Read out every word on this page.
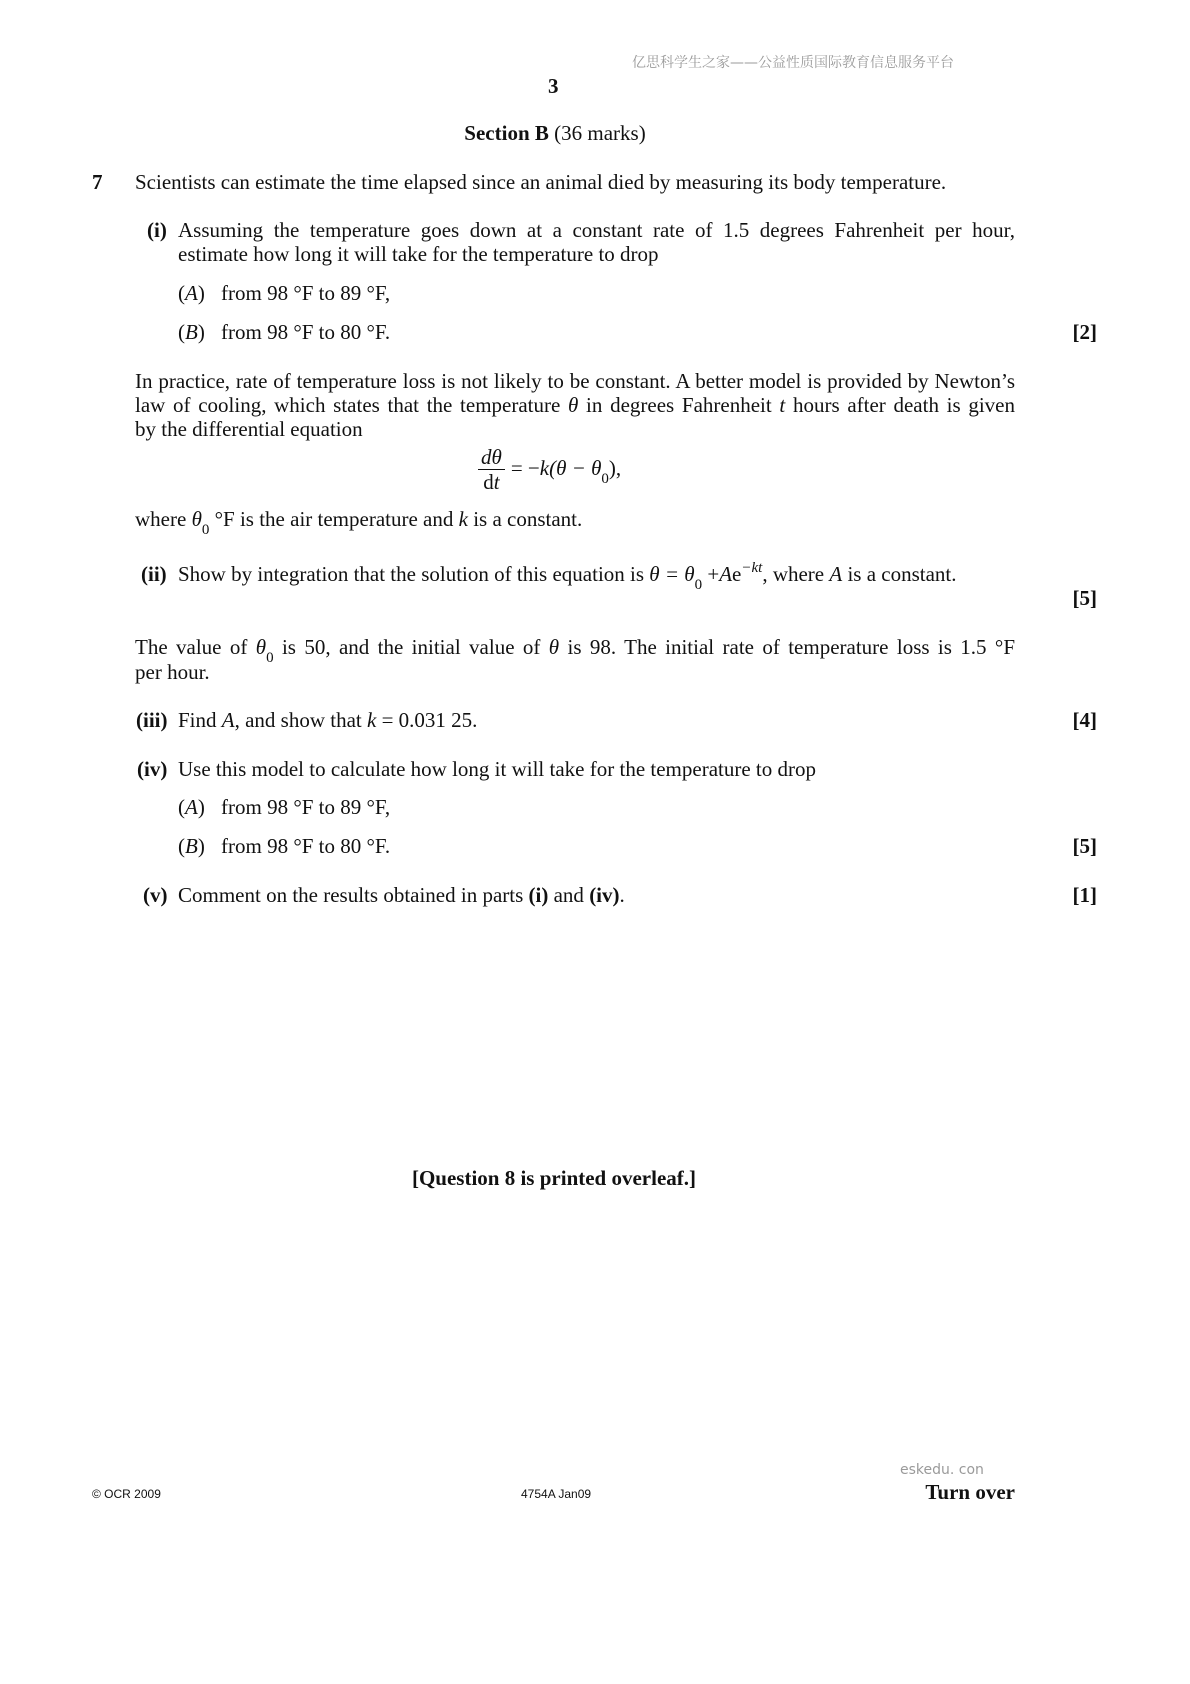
亿思科学生之家——公益性质国际教育信息服务平台
3
Section B (36 marks)
7 Scientists can estimate the time elapsed since an animal died by measuring its body temperature.
(i) Assuming the temperature goes down at a constant rate of 1.5 degrees Fahrenheit per hour,
estimate how long it will take for the temperature to drop
(A) from 98 °F to 89 °F,
(B) from 98 °F to 80 °F.	[2]
In practice, rate of temperature loss is not likely to be constant. A better model is provided by Newton’s
law of cooling, which states that the temperature θ in degrees Fahrenheit t hours after death is given
by the differential equation
$\frac{d\theta}{dt} = -k(\theta - \theta_0)$,
where $\theta_0$ °F is the air temperature and k is a constant.
(ii) Show by integration that the solution of this equation is $\theta = \theta_0 +Ae^{-kt}$, where A is a constant.
[5]
The value of $\theta_0$ is 50, and the initial value of θ is 98. The initial rate of temperature loss is 1.5 °F
per hour.
(iii) Find A, and show that k = 0.031 25.	[4]
(iv) Use this model to calculate how long it will take for the temperature to drop
(A) from 98 °F to 89 °F,
(B) from 98 °F to 80 °F.	[5]
(v) Comment on the results obtained in parts (i) and (iv).	[1]
[Question 8 is printed overleaf.]
eskedu. con
© OCR 2009	4754A Jan09	Turn over
